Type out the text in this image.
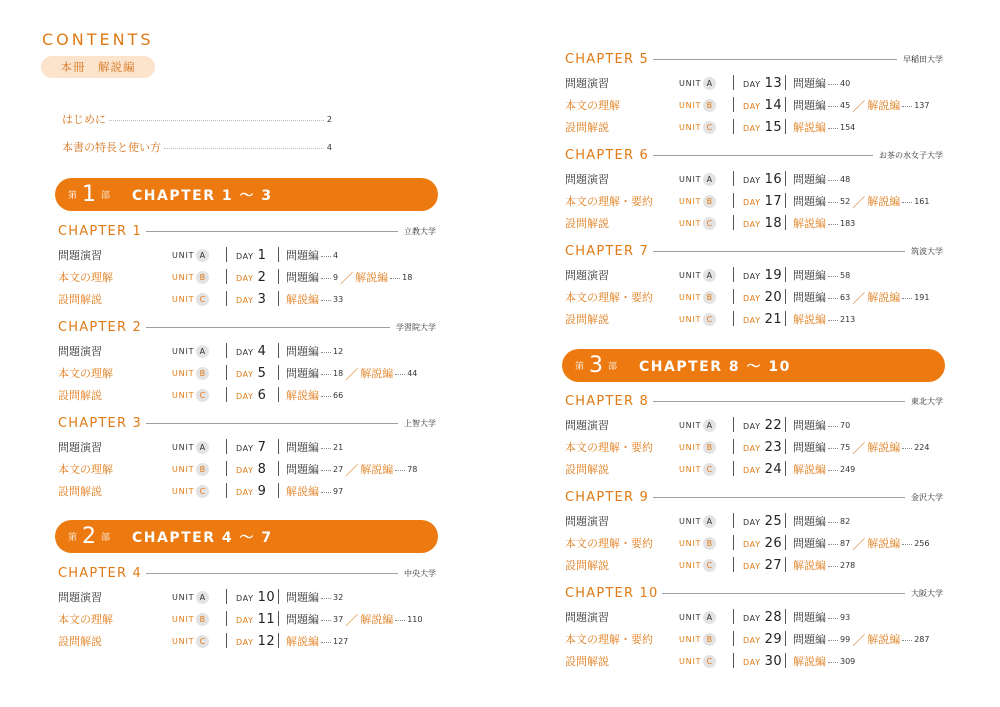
CONTENTS
本冊　解説編
はじめに	2
本書の特長と使い方	4
第 1 部 CHAPTER 1 ～ 3
第 2 部 CHAPTER 4 ～ 7
第 3 部 CHAPTER 8 ～ 10
CHAPTER 1	立教大学
問題演習	UNIT A	DAY 1 問題編 4
本文の理解	UNIT B	DAY 2 問題編 9 ／ 解説編 18
設問解説	UNIT C	DAY 3 解説編 33
CHAPTER 2	学習院大学
問題演習	UNIT A	DAY 4 問題編 12
本文の理解	UNIT B	DAY 5 問題編 18 ／ 解説編 44
設問解説	UNIT C	DAY 6 解説編 66
CHAPTER 3	上智大学
問題演習	UNIT A	DAY 7 問題編 21
本文の理解	UNIT B	DAY 8 問題編 27 ／ 解説編 78
設問解説	UNIT C	DAY 9 解説編 97
CHAPTER 4	中央大学
問題演習	UNIT A	DAY 10 問題編 32
本文の理解	UNIT B	DAY 11 問題編 37 ／ 解説編 110
設問解説	UNIT C	DAY 12 解説編 127
CHAPTER 5	早稲田大学
問題演習	UNIT A	DAY 13 問題編 40
本文の理解	UNIT B	DAY 14 問題編 45 ／ 解説編 137
設問解説	UNIT C	DAY 15 解説編 154
CHAPTER 6	お茶の水女子大学
問題演習	UNIT A	DAY 16 問題編 48
本文の理解・要約	UNIT B	DAY 17 問題編 52 ／ 解説編 161
設問解説	UNIT C	DAY 18 解説編 183
CHAPTER 7	筑波大学
問題演習	UNIT A	DAY 19 問題編 58
本文の理解・要約	UNIT B	DAY 20 問題編 63 ／ 解説編 191
設問解説	UNIT C	DAY 21 解説編 213
CHAPTER 8	東北大学
問題演習	UNIT A	DAY 22 問題編 70
本文の理解・要約	UNIT B	DAY 23 問題編 75 ／ 解説編 224
設問解説	UNIT C	DAY 24 解説編 249
CHAPTER 9	金沢大学
問題演習	UNIT A	DAY 25 問題編 82
本文の理解・要約	UNIT B	DAY 26 問題編 87 ／ 解説編 256
設問解説	UNIT C	DAY 27 解説編 278
CHAPTER 10	大阪大学
問題演習	UNIT A	DAY 28 問題編 93
本文の理解・要約	UNIT B	DAY 29 問題編 99 ／ 解説編 287
設問解説	UNIT C	DAY 30 解説編 309
